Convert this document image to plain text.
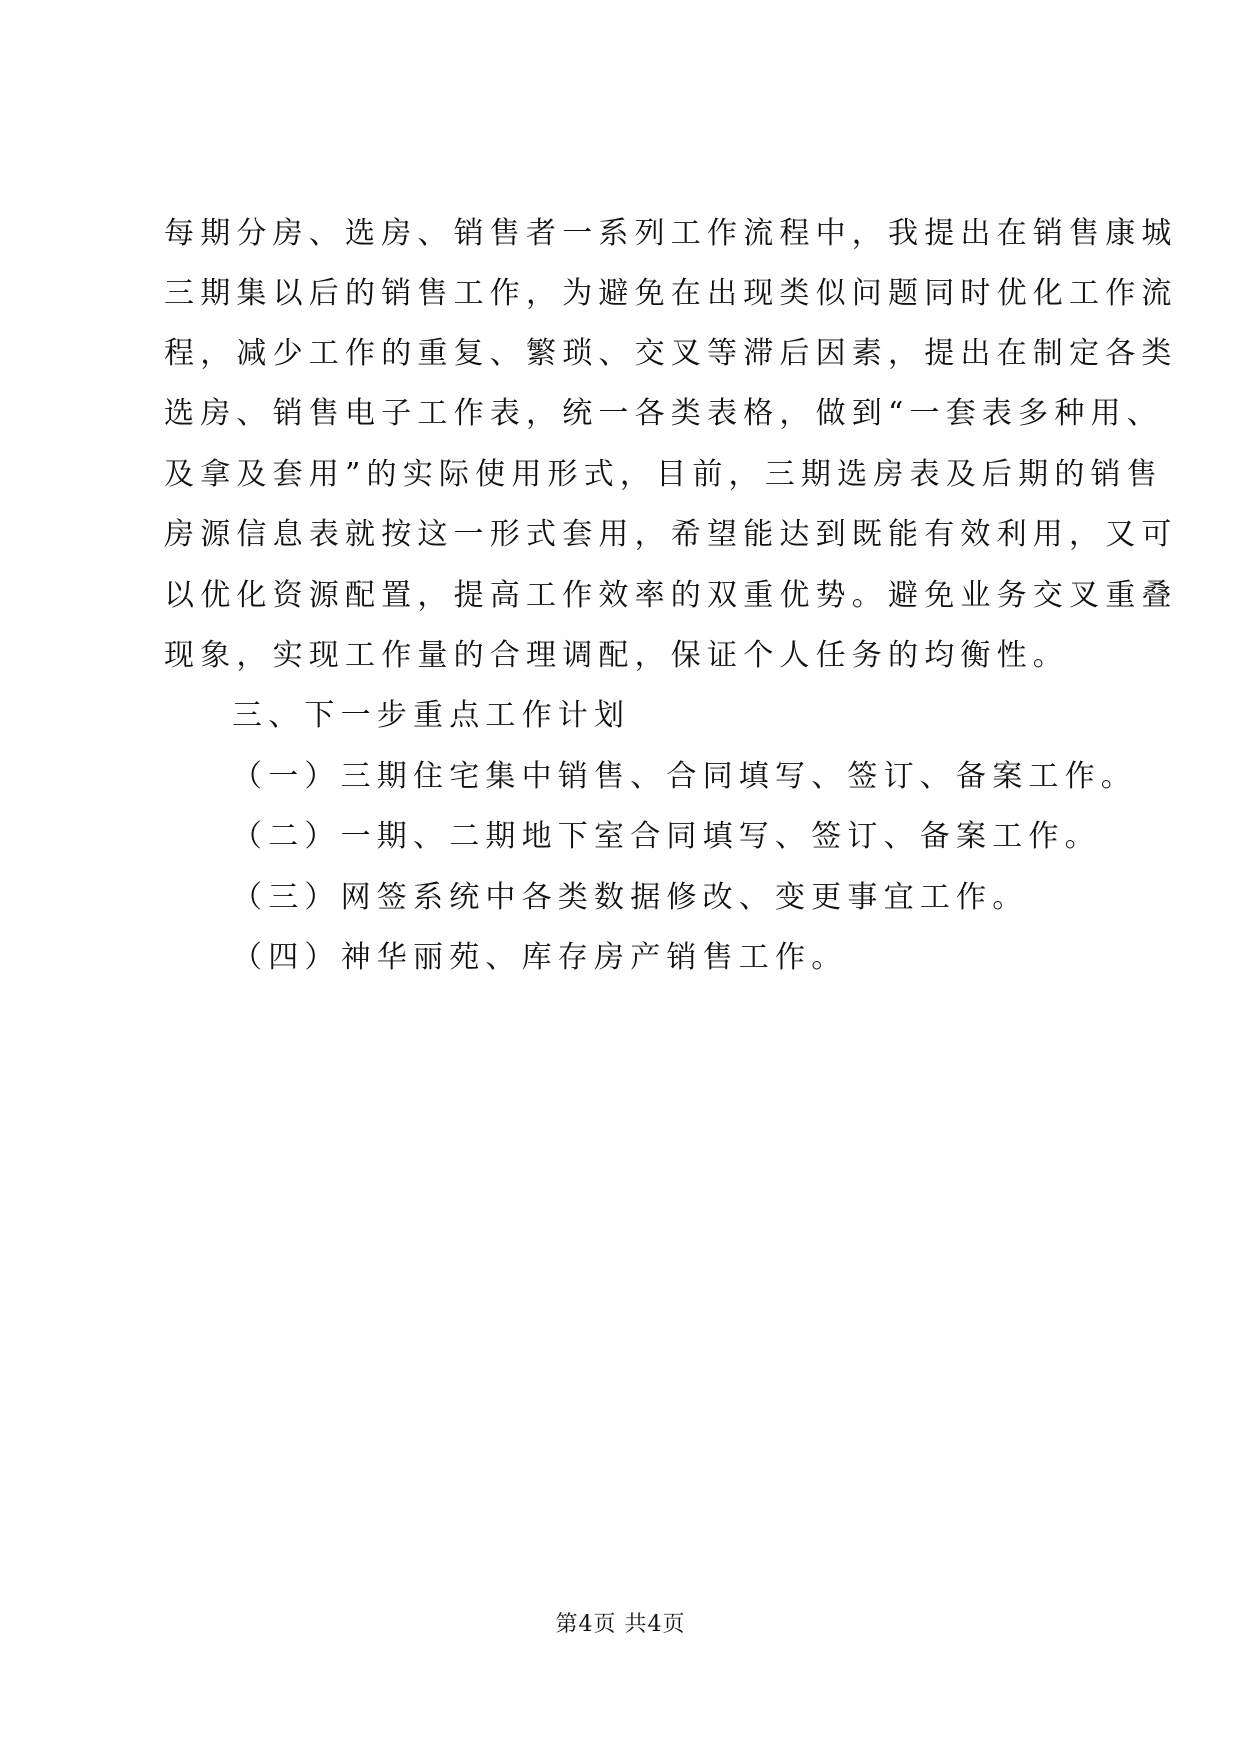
每期分房、选房、销售者一系列工作流程中，我提出在销售康城
三期集以后的销售工作，为避免在出现类似问题同时优化工作流
程，减少工作的重复、繁琐、交叉等滞后因素，提出在制定各类
选房、销售电子工作表，统一各类表格，做到“一套表多种用、
及拿及套用”的实际使用形式，目前，三期选房表及后期的销售
房源信息表就按这一形式套用，希望能达到既能有效利用，又可
以优化资源配置，提高工作效率的双重优势。避免业务交叉重叠
现象，实现工作量的合理调配，保证个人任务的均衡性。
三、下一步重点工作计划
（一）三期住宅集中销售、合同填写、签订、备案工作。
（二）一期、二期地下室合同填写、签订、备案工作。
（三）网签系统中各类数据修改、变更事宜工作。
（四）神华丽苑、库存房产销售工作。
第4页 共4页
